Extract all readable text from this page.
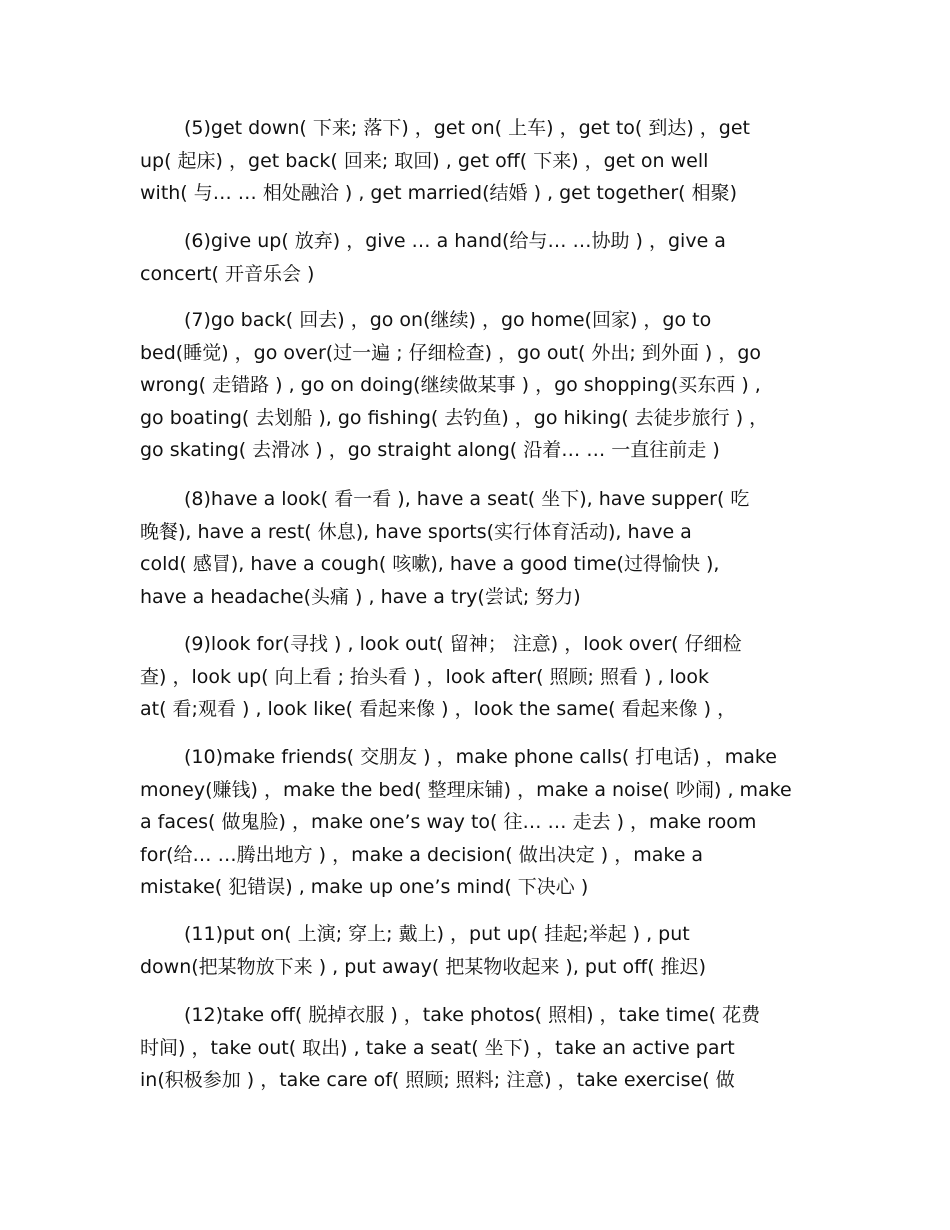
(5)get down( 下来; 落下) ，get on( 上车) ，get to( 到达) ，get
up( 起床) ，get back( 回来; 取回) , get off( 下来) ，get on well
with( 与… … 相处融洽 ) , get married(结婚 ) , get together( 相聚)
(6)give up( 放弃) ，give … a hand(给与… …协助 ) ，give a
concert( 开音乐会 )
(7)go back( 回去) ，go on(继续) ，go home(回家) ，go to
bed(睡觉) ，go over(过一遍 ; 仔细检查) ，go out( 外出; 到外面 ) ，go
wrong( 走错路 ) , go on doing(继续做某事 ) ，go shopping(买东西 ) ,
go boating( 去划船 ), go fishing( 去钓鱼) ，go hiking( 去徒步旅行 ) ，
go skating( 去滑冰 ) ，go straight along( 沿着… … 一直往前走 )
(8)have a look( 看一看 ), have a seat( 坐下), have supper( 吃
晚餐), have a rest( 休息), have sports(实行体育活动), have a
cold( 感冒), have a cough( 咳嗽), have a good time(过得愉快 ),
have a headache(头痛 ) , have a try(尝试; 努力)
(9)look for(寻找 ) , look out( 留神； 注意) ，look over( 仔细检
查) ，look up( 向上看 ; 抬头看 ) ，look after( 照顾; 照看 ) , look
at( 看;观看 ) , look like( 看起来像 ) ，look the same( 看起来像 ) ，
(10)make friends( 交朋友 ) ，make phone calls( 打电话) ，make
money(赚钱) ，make the bed( 整理床铺) ，make a noise( 吵闹) , make
a faces( 做鬼脸) ，make one’s way to( 往… … 走去 ) ，make room
for(给… …腾出地方 ) ，make a decision( 做出决定 ) ，make a
mistake( 犯错误) , make up one’s mind( 下决心 )
(11)put on( 上演; 穿上; 戴上) ，put up( 挂起;举起 ) , put
down(把某物放下来 ) , put away( 把某物收起来 ), put off( 推迟)
(12)take off( 脱掉衣服 ) ，take photos( 照相) ，take time( 花费
时间) ，take out( 取出) , take a seat( 坐下) ，take an active part
in(积极参加 ) ，take care of( 照顾; 照料; 注意) ，take exercise( 做
